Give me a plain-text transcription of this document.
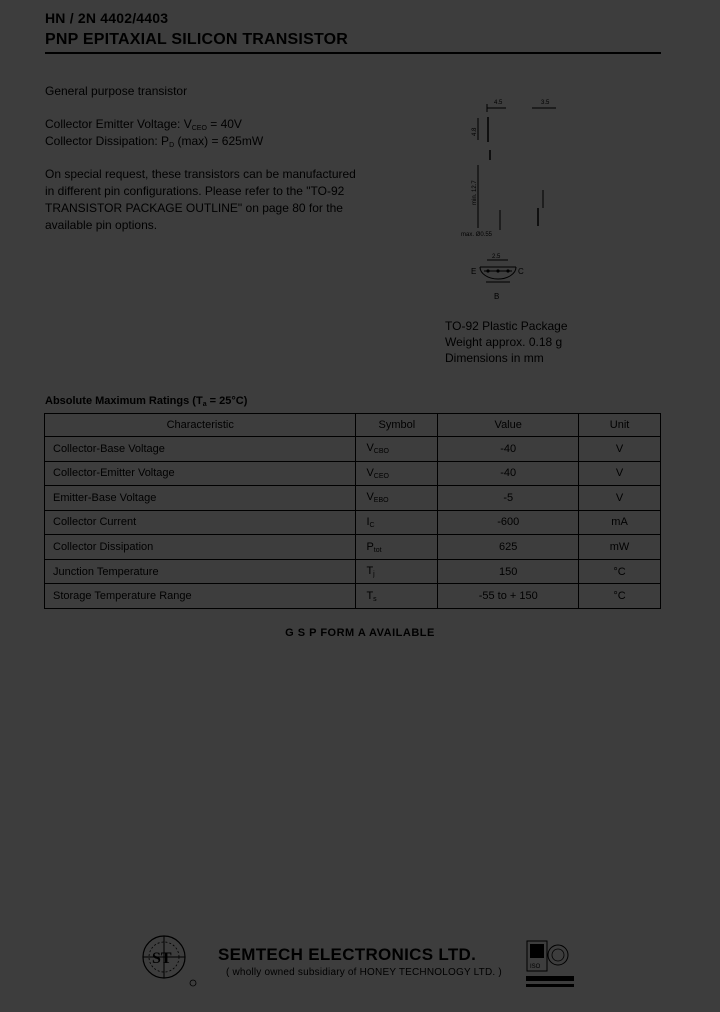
HN / 2N 4402/4403
PNP EPITAXIAL SILICON TRANSISTOR
General purpose transistor
Collector Emitter Voltage: $V_{CEO} = 40V$
Collector Dissipation: $P_D$ (max) = 625mW
On special request, these transistors can be manufactured
in different pin configurations. Please refer to the "TO-92
TRANSISTOR PACKAGE OUTLINE" on page 80 for the
available pin options.
4.5	3.5
4.8
min. 12.7
max. Ø0.55
2.5
E
B
C
TO-92 Plastic Package
Weight approx. 0.18 g
Dimensions in mm
Absolute Maximum Ratings $(T_a = 25^\circ C)$
Characteristic	Symbol	Value	Unit
Collector-Base Voltage	$V_{CBO}$	-40	V
Collector-Emitter Voltage	$V_{CEO}$	-40	V
Emitter-Base Voltage	$V_{EBO}$	-5	V
Collector Current	$I_C$	-600	mA
Collector Dissipation	$P_{tot}$	625	mW
Junction Temperature	$T_j$	150	°C
Storage Temperature Range	$T_s$	-55 to + 150	°C
G S P FORM A AVAILABLE
ST	ISO
SEMTECH ELECTRONICS LTD.
( wholly owned subsidiary of HONEY TECHNOLOGY LTD. )
